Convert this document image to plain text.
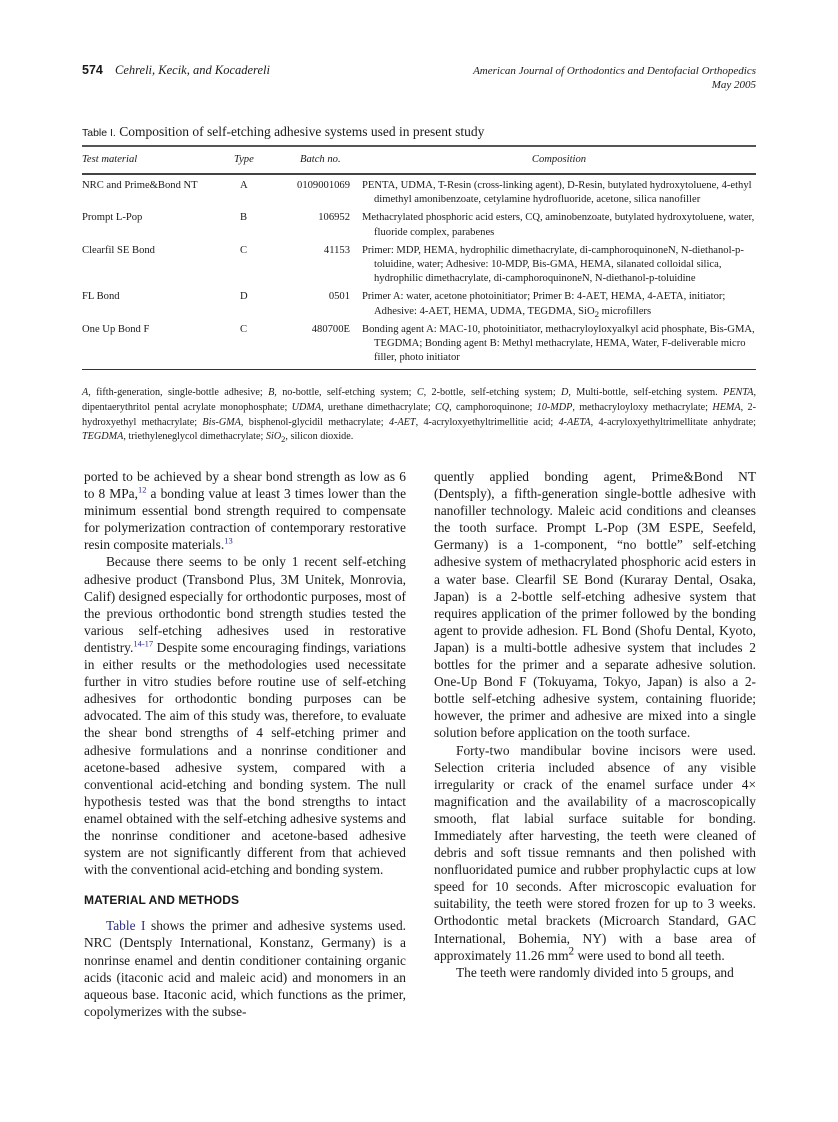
574 Cehreli, Kecik, and Kocadereli	American Journal of Orthodontics and Dentofacial Orthopedics
May 2005
Table I. Composition of self-etching adhesive systems used in present study
Test material	Type	Batch no.	Composition
NRC and Prime&Bond NT	A	0109001069	PENTA, UDMA, T-Resin (cross-linking agent), D-Resin, butylated hydroxytoluene, 4-ethyl dimethyl amonibenzoate, cetylamine hydrofluoride, acetone, silica nanofiller

Prompt L-Pop	B	106952	Methacrylated phosphoric acid esters, CQ, aminobenzoate, butylated hydroxytoluene, water, fluoride complex, parabenes

Clearfil SE Bond	C	41153	Primer: MDP, HEMA, hydrophilic dimethacrylate, di-camphoroquinoneN, N-diethanol-p-toluidine, water; Adhesive: 10-MDP, Bis-GMA, HEMA, silanated colloidal silica, hydrophilic dimethacrylate, di-camphoroquinoneN, N-diethanol-p-toluidine

FL Bond	D	0501	Primer A: water, acetone photoinitiator; Primer B: 4-AET, HEMA, 4-AETA, initiator; Adhesive: 4-AET, HEMA, UDMA, TEGDMA, SiO$_2$ microfillers

One Up Bond F	C	480700E	Bonding agent A: MAC-10, photoinitiator, methacryloyloxyalkyl acid phosphate, Bis-GMA, TEGDMA; Bonding agent B: Methyl methacrylate, HEMA, Water, F-deliverable micro filler, photo initiator
A, fifth-generation, single-bottle adhesive; B, no-bottle, self-etching system; C, 2-bottle, self-etching system; D, Multi-bottle, self-etching system. PENTA, dipentaerythritol pental acrylate monophosphate; UDMA, urethane dimethacrylate; CQ, camphoroquinone; 10-MDP, methacryloyloxy methacrylate; HEMA, 2-hydroxyethyl methacrylate; Bis-GMA, bisphenol-glycidil methacrylate; 4-AET, 4-acryloxyethyltrimellitie acid; 4-AETA, 4-acryloxyethyltrimellitate anhydrate; TEGDMA, triethyleneglycol dimethacrylate; SiO$_2$, silicon dioxide.

ported to be achieved by a shear bond strength as low as 6 to 8 MPa,$^{12}$ a bonding value at least 3 times lower than the minimum essential bond strength required to compensate for polymerization contraction of contemporary restorative resin composite materials.$^{13}$

Because there seems to be only 1 recent self-etching adhesive product (Transbond Plus, 3M Unitek, Monrovia, Calif) designed especially for orthodontic purposes, most of the previous orthodontic bond strength studies tested the various self-etching adhesives used in restorative dentistry.$^{14-17}$ Despite some encouraging findings, variations in either results or the methodologies used necessitate further in vitro studies before routine use of self-etching adhesives for orthodontic bonding purposes can be advocated. The aim of this study was, therefore, to evaluate the shear bond strengths of 4 self-etching primer and adhesive formulations and a nonrinse conditioner and acetone-based adhesive system, compared with a conventional acid-etching and bonding system. The null hypothesis tested was that the bond strengths to intact enamel obtained with the self-etching adhesive systems and the nonrinse conditioner and acetone-based adhesive system are not significantly different from that achieved with the conventional acid-etching and bonding system.

MATERIAL AND METHODS

Table I shows the primer and adhesive systems used. NRC (Dentsply International, Konstanz, Germany) is a nonrinse enamel and dentin conditioner containing organic acids (itaconic acid and maleic acid) and monomers in an aqueous base. Itaconic acid, which functions as the primer, copolymerizes with the subse-

quently applied bonding agent, Prime&Bond NT (Dentsply), a fifth-generation single-bottle adhesive with nanofiller technology. Maleic acid conditions and cleanses the tooth surface. Prompt L-Pop (3M ESPE, Seefeld, Germany) is a 1-component, “no bottle” self-etching adhesive system of methacrylated phosphoric acid esters in a water base. Clearfil SE Bond (Kuraray Dental, Osaka, Japan) is a 2-bottle self-etching adhesive system that requires application of the primer followed by the bonding agent to provide adhesion. FL Bond (Shofu Dental, Kyoto, Japan) is a multi-bottle adhesive system that includes 2 bottles for the primer and a separate adhesive solution. One-Up Bond F (Tokuyama, Tokyo, Japan) is also a 2-bottle self-etching adhesive system, containing fluoride; however, the primer and adhesive are mixed into a single solution before application on the tooth surface.

Forty-two mandibular bovine incisors were used. Selection criteria included absence of any visible irregularity or crack of the enamel surface under 4× magnification and the availability of a macroscopically smooth, flat labial surface suitable for bonding. Immediately after harvesting, the teeth were cleaned of debris and soft tissue remnants and then polished with nonfluoridated pumice and rubber prophylactic cups at low speed for 10 seconds. After microscopic evaluation for suitability, the teeth were stored frozen for up to 3 weeks. Orthodontic metal brackets (Microarch Standard, GAC International, Bohemia, NY) with a base area of approximately 11.26 $mm^2$ were used to bond all teeth.

The teeth were randomly divided into 5 groups, and
